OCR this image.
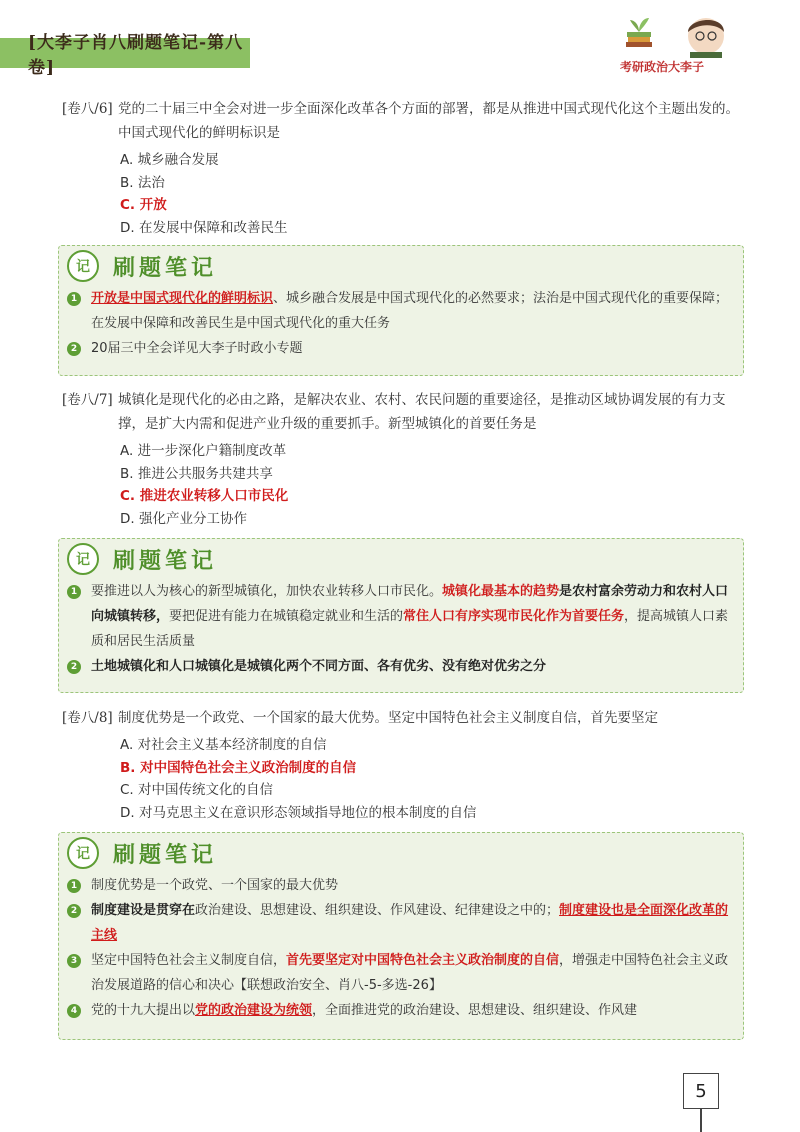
[大李子肖八刷题笔记-第八卷]	考研政治大李子
[卷八/6] 党的二十届三中全会对进一步全面深化改革各个方面的部署，都是从推进中国式现代化这个主题出发的。中国式现代化的鲜明标识是
A. 城乡融合发展
B. 法治
C. 开放
D. 在发展中保障和改善民生
记	刷题笔记
1 开放是中国式现代化的鲜明标识、城乡融合发展是中国式现代化的必然要求；法治是中国式现代化的重要保障；在发展中保障和改善民生是中国式现代化的重大任务
2 20届三中全会详见大李子时政小专题
[卷八/7] 城镇化是现代化的必由之路，是解决农业、农村、农民问题的重要途径，是推动区域协调发展的有力支撑，是扩大内需和促进产业升级的重要抓手。新型城镇化的首要任务是
A. 进一步深化户籍制度改革
B. 推进公共服务共建共享
C. 推进农业转移人口市民化
D. 强化产业分工协作
记	刷题笔记
1 要推进以人为核心的新型城镇化，加快农业转移人口市民化。城镇化最基本的趋势是农村富余劳动力和农村人口向城镇转移，要把促进有能力在城镇稳定就业和生活的常住人口有序实现市民化作为首要任务，提高城镇人口素质和居民生活质量
2 土地城镇化和人口城镇化是城镇化两个不同方面、各有优劣、没有绝对优劣之分
[卷八/8] 制度优势是一个政党、一个国家的最大优势。坚定中国特色社会主义制度自信，首先要坚定
A. 对社会主义基本经济制度的自信
B. 对中国特色社会主义政治制度的自信
C. 对中国传统文化的自信
D. 对马克思主义在意识形态领域指导地位的根本制度的自信
记	刷题笔记
1 制度优势是一个政党、一个国家的最大优势
2 制度建设是贯穿在政治建设、思想建设、组织建设、作风建设、纪律建设之中的；制度建设也是全面深化改革的主线
3 坚定中国特色社会主义制度自信，首先要坚定对中国特色社会主义政治制度的自信，增强走中国特色社会主义政治发展道路的信心和决心【联想政治安全、肖八-5-多选-26】
4 党的十九大提出以党的政治建设为统领，全面推进党的政治建设、思想建设、组织建设、作风建
5
